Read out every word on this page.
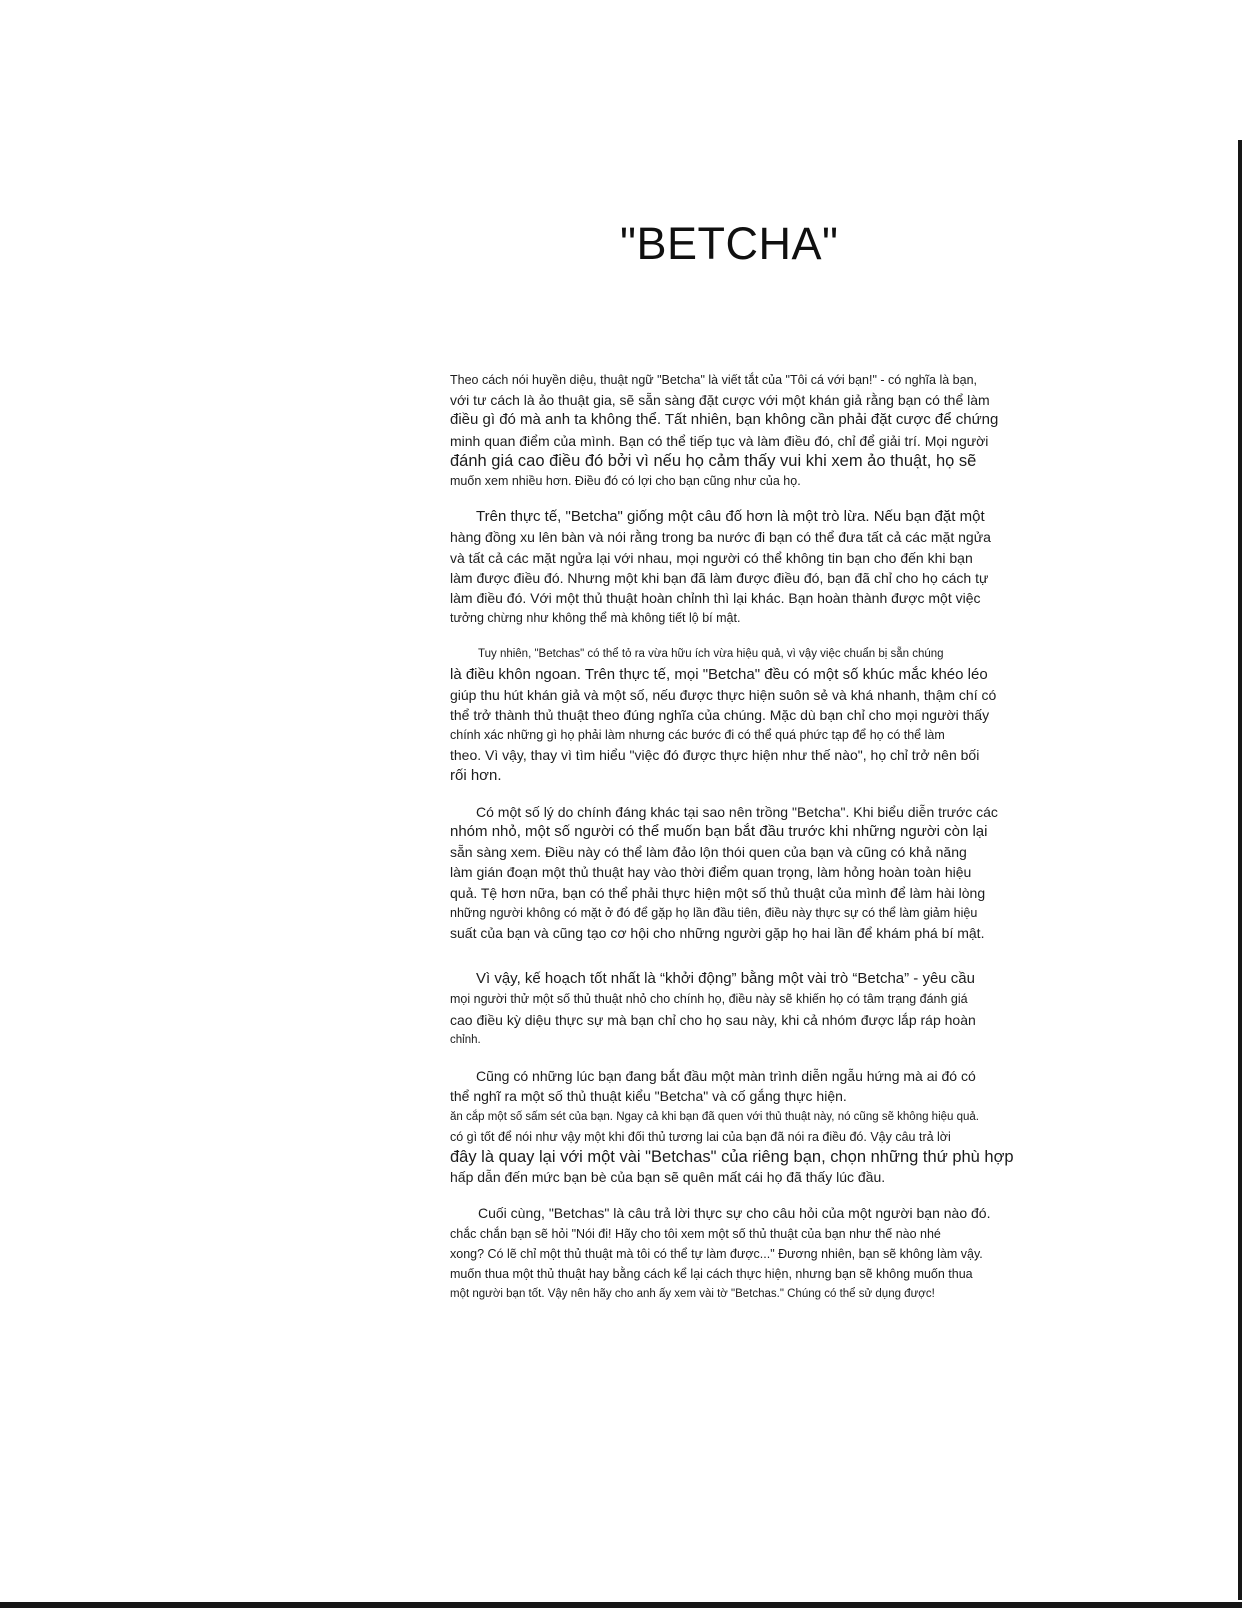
"BETCHA"

Theo cách nói huyền diệu, thuật ngữ "Betcha" là viết tắt của "Tôi cá với bạn!" - có nghĩa là bạn,
với tư cách là ảo thuật gia, sẽ sẵn sàng đặt cược với một khán giả rằng bạn có thể làm
điều gì đó mà anh ta không thể. Tất nhiên, bạn không cần phải đặt cược để chứng
minh quan điểm của mình. Bạn có thể tiếp tục và làm điều đó, chỉ để giải trí. Mọi người
đánh giá cao điều đó bởi vì nếu họ cảm thấy vui khi xem ảo thuật, họ sẽ
muốn xem nhiều hơn. Điều đó có lợi cho bạn cũng như của họ.

Trên thực tế, "Betcha" giống một câu đố hơn là một trò lừa. Nếu bạn đặt một
hàng đồng xu lên bàn và nói rằng trong ba nước đi bạn có thể đưa tất cả các mặt ngửa
và tất cả các mặt ngửa lại với nhau, mọi người có thể không tin bạn cho đến khi bạn
làm được điều đó. Nhưng một khi bạn đã làm được điều đó, bạn đã chỉ cho họ cách tự
làm điều đó. Với một thủ thuật hoàn chỉnh thì lại khác. Bạn hoàn thành được một việc
tưởng chừng như không thể mà không tiết lộ bí mật.

Tuy nhiên, "Betchas" có thể tỏ ra vừa hữu ích vừa hiệu quả, vì vậy việc chuẩn bị sẵn chúng
là điều khôn ngoan. Trên thực tế, mọi "Betcha" đều có một số khúc mắc khéo léo
giúp thu hút khán giả và một số, nếu được thực hiện suôn sẻ và khá nhanh, thậm chí có
thể trở thành thủ thuật theo đúng nghĩa của chúng. Mặc dù bạn chỉ cho mọi người thấy
chính xác những gì họ phải làm nhưng các bước đi có thể quá phức tạp để họ có thể làm
theo. Vì vậy, thay vì tìm hiểu "việc đó được thực hiện như thế nào", họ chỉ trở nên bối
rối hơn.

Có một số lý do chính đáng khác tại sao nên trồng "Betcha". Khi biểu diễn trước các
nhóm nhỏ, một số người có thể muốn bạn bắt đầu trước khi những người còn lại
sẵn sàng xem. Điều này có thể làm đảo lộn thói quen của bạn và cũng có khả năng
làm gián đoạn một thủ thuật hay vào thời điểm quan trọng, làm hỏng hoàn toàn hiệu
quả. Tệ hơn nữa, bạn có thể phải thực hiện một số thủ thuật của mình để làm hài lòng
những người không có mặt ở đó để gặp họ lần đầu tiên, điều này thực sự có thể làm giảm hiệu
suất của bạn và cũng tạo cơ hội cho những người gặp họ hai lần để khám phá bí mật.

Vì vậy, kế hoạch tốt nhất là “khởi động” bằng một vài trò “Betcha” - yêu cầu
mọi người thử một số thủ thuật nhỏ cho chính họ, điều này sẽ khiến họ có tâm trạng đánh giá
cao điều kỳ diệu thực sự mà bạn chỉ cho họ sau này, khi cả nhóm được lắp ráp hoàn
chỉnh.

Cũng có những lúc bạn đang bắt đầu một màn trình diễn ngẫu hứng mà ai đó có
thể nghĩ ra một số thủ thuật kiểu "Betcha" và cố gắng thực hiện.
ăn cắp một số sấm sét của bạn. Ngay cả khi bạn đã quen với thủ thuật này, nó cũng sẽ không hiệu quả.
có gì tốt để nói như vậy một khi đối thủ tương lai của bạn đã nói ra điều đó. Vậy câu trả lời
đây là quay lại với một vài "Betchas" của riêng bạn, chọn những thứ phù hợp
hấp dẫn đến mức bạn bè của bạn sẽ quên mất cái họ đã thấy lúc đầu.

Cuối cùng, "Betchas" là câu trả lời thực sự cho câu hỏi của một người bạn nào đó.
chắc chắn bạn sẽ hỏi "Nói đi! Hãy cho tôi xem một số thủ thuật của bạn như thế nào nhé
xong? Có lẽ chỉ một thủ thuật mà tôi có thể tự làm được..." Đương nhiên, bạn sẽ không làm vậy.
muốn thua một thủ thuật hay bằng cách kể lại cách thực hiện, nhưng bạn sẽ không muốn thua
một người bạn tốt. Vậy nên hãy cho anh ấy xem vài tờ "Betchas." Chúng có thể sử dụng được!
